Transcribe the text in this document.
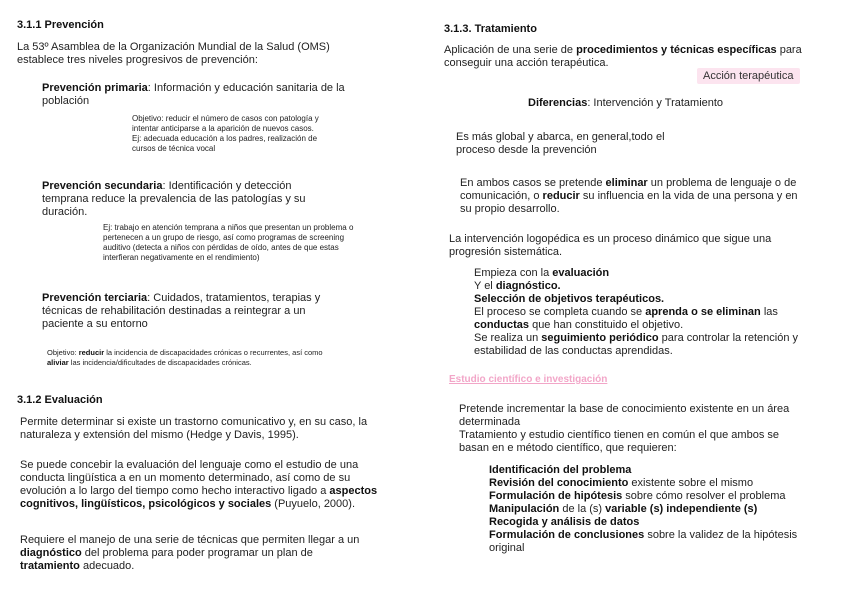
3.1.1 Prevención
La 53º Asamblea de la Organización Mundial de la Salud (OMS) establece tres niveles progresivos de prevención:
Prevención primaria: Información y educación sanitaria de la población
Objetivo: reducir el número de casos con patología y
intentar anticiparse a la aparición de nuevos casos.
Ej: adecuada educación a los padres, realización de
cursos de técnica vocal
Prevención secundaria: Identificación y detección temprana reduce la prevalencia de las patologías y su duración.
Ej: trabajo en atención temprana a niños que presentan un problema o
pertenecen a un grupo de riesgo, así como programas de screening
auditivo (detecta a niños con pérdidas de oído, antes de que estas
interfieran negativamente en el rendimiento)
Prevención terciaria: Cuidados, tratamientos, terapias y técnicas de rehabilitación destinadas a reintegrar a un paciente a su entorno
Objetivo: reducir la incidencia de discapacidades crónicas o recurrentes, así como
aliviar las incidencia/dificultades de discapacidades crónicas.
3.1.2 Evaluación
Permite determinar si existe un trastorno comunicativo y, en su caso, la naturaleza y extensión del mismo (Hedge y Davis, 1995).
Se puede concebir la evaluación del lenguaje como el estudio de una conducta lingüística a en un momento determinado, así como de su evolución a lo largo del tiempo como hecho interactivo ligado a aspectos cognitivos, lingüísticos, psicológicos y sociales (Puyuelo, 2000).
Requiere el manejo de una serie de técnicas que permiten llegar a un diagnóstico del problema para poder programar un plan de tratamiento adecuado.
3.1.3. Tratamiento
Aplicación de una serie de procedimientos y técnicas específicas para conseguir una acción terapéutica.
Acción terapéutica
Diferencias: Intervención y Tratamiento
Es más global y abarca, en general,todo el proceso desde la prevención
En ambos casos se pretende eliminar un problema de lenguaje o de comunicación, o reducir su influencia en la vida de una persona y en su propio desarrollo.
La intervención logopédica es un proceso dinámico que sigue una progresión sistemática.
Empieza con la evaluación
Y el diagnóstico.
Selección de objetivos terapéuticos.
El proceso se completa cuando se aprenda o se eliminan las conductas que han constituido el objetivo.
Se realiza un seguimiento periódico para controlar la retención y estabilidad de las conductas aprendidas.
Estudio científico e investigación
Pretende incrementar la base de conocimiento existente en un área determinada
Tratamiento y estudio científico tienen en común el que ambos se basan en e método científico, que requieren:
Identificación del problema
Revisión del conocimiento existente sobre el mismo
Formulación de hipótesis sobre cómo resolver el problema
Manipulación de la (s) variable (s) independiente (s)
Recogida y análisis de datos
Formulación de conclusiones sobre la validez de la hipótesis original
